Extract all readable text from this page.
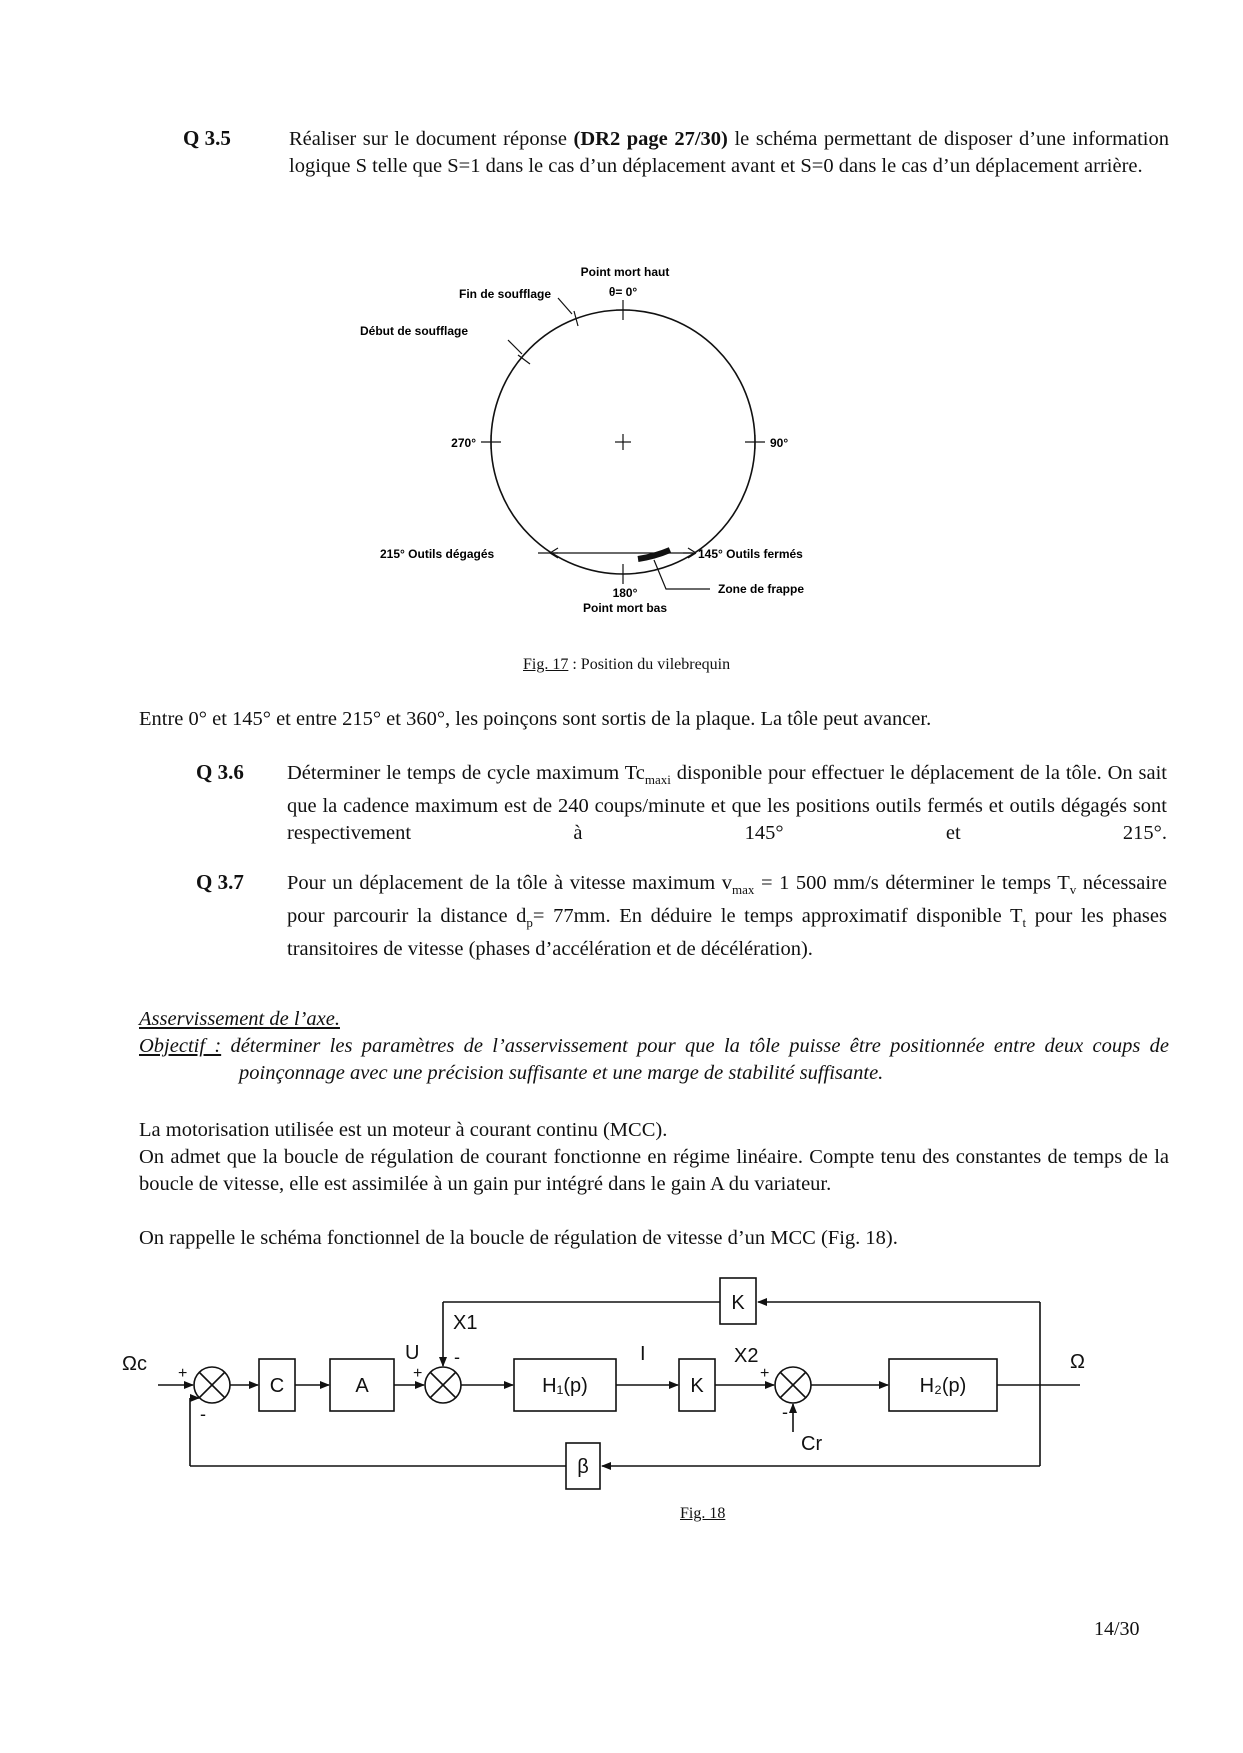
Q 3.5	Réaliser sur le document réponse (DR2 page 27/30) le schéma permettant de disposer d’une information logique S telle que S=1 dans le cas d’un déplacement avant et S=0 dans le cas d’un déplacement arrière.
Point mort haut
θ= 0°
Fin de soufflage
Début de soufflage
270°	90°
215° Outils dégagés	145° Outils fermés
Zone de frappe
180°
Point mort bas
Fig. 17 : Position du vilebrequin
Entre 0° et 145° et entre 215° et 360°, les poinçons sont sortis de la plaque. La tôle peut avancer.
Q 3.6 Déterminer le temps de cycle maximum $Tc_{maxi}$ disponible pour effectuer le déplacement de la tôle. On sait que la cadence maximum est de 240 coups/minute et que les positions outils fermés et outils dégagés sont respectivement à 145° et 215°.
Q 3.7 Pour un déplacement de la tôle à vitesse maximum $v_{max} = 1$ 500 mm/s déterminer le temps $T_v$ nécessaire pour parcourir la distance $d_p= 77mm$. En déduire le temps approximatif disponible $T_t$ pour les phases transitoires de vitesse (phases d’accélération et de décélération).
Asservissement de l’axe.
Objectif : déterminer les paramètres de l’asservissement pour que la tôle puisse être positionnée entre deux coups de poinçonnage avec une précision suffisante et une marge de stabilité suffisante.
La motorisation utilisée est un moteur à courant continu (MCC).
On admet que la boucle de régulation de courant fonctionne en régime linéaire. Compte tenu des constantes de temps de la boucle de vitesse, elle est assimilée à un gain pur intégré dans le gain A du variateur.
On rappelle le schéma fonctionnel de la boucle de régulation de vitesse d’un MCC (Fig. 18).
Ωc	Ω
C	A	H₁(p)	K	H₂(p)
K
β
U
X1
I	X2
Cr
+
-
+
-
+
-
Fig. 18
14/30
